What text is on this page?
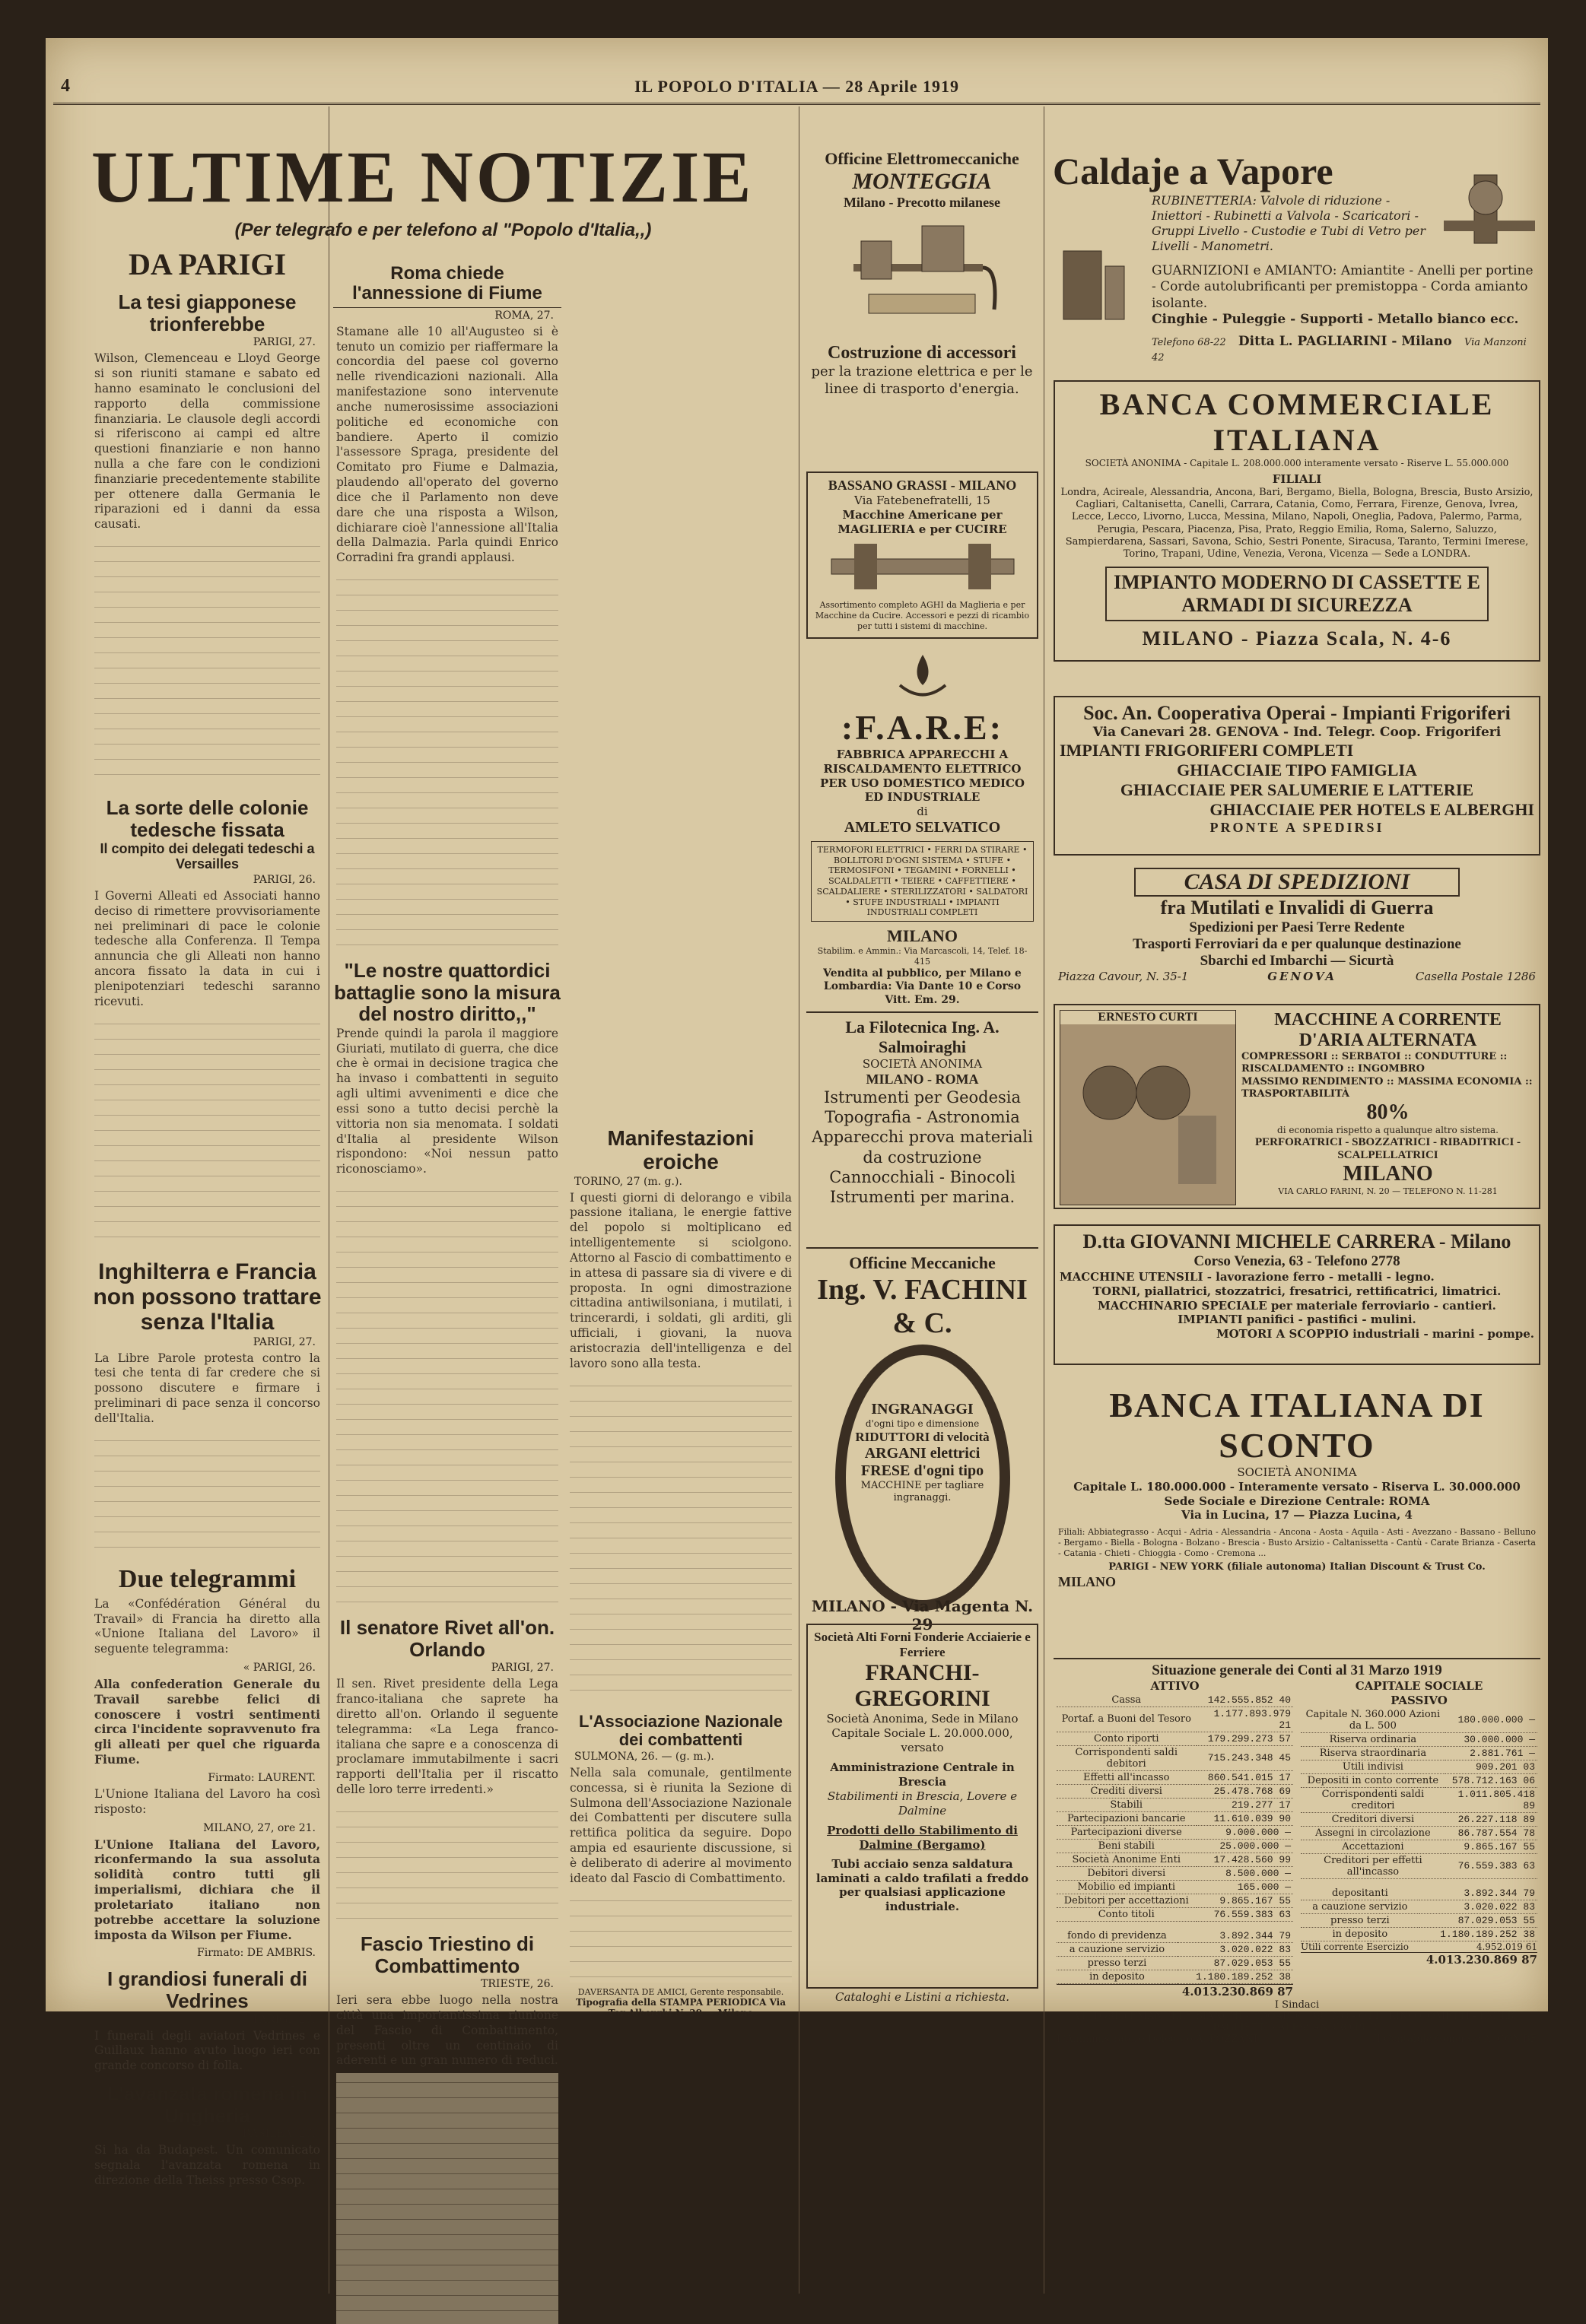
4	IL POPOLO D'ITALIA — 28 Aprile 1919
ULTIME NOTIZIE
(Per telegrafo e per telefono al "Popolo d'Italia,,)
DA PARIGI
La tesi giapponese trionferebbe
PARIGI, 27.

Wilson, Clemenceau e Lloyd George si son riuniti stamane e sabato ed hanno esaminato le conclusioni del rapporto della commissione finanziaria. Le clausole degli accordi si riferiscono ai campi ed altre questioni finanziarie e non hanno nulla a che fare con le condizioni finanziarie precedentemente stabilite per ottenere dalla Germania le riparazioni ed i danni da essa causati.

La sorte delle colonie tedesche fissata
Il compito dei delegati tedeschi a Versailles
PARIGI, 26.

I Governi Alleati ed Associati hanno deciso di rimettere provvisoriamente nei preliminari di pace le colonie tedesche alla Conferenza. Il Tempa annuncia che gli Alleati non hanno ancora fissato la data in cui i plenipotenziari tedeschi saranno ricevuti.

Inghilterra e Francia non possono trattare senza l'Italia
PARIGI, 27.

La Libre Parole protesta contro la tesi che tenta di far credere che si possono discutere e firmare i preliminari di pace senza il concorso dell'Italia.

Due telegrammi

La «Confédération Général du Travail» di Francia ha diretto alla «Unione Italiana del Lavoro» il seguente telegramma:

« PARIGI, 26.

Alla confederation Generale du Travail sarebbe felici di conoscere i vostri sentimenti circa l'incidente sopravvenuto fra gli alleati per quel che riguarda Fiume.

Firmato: LAURENT.

L'Unione Italiana del Lavoro ha così risposto:

MILANO, 27, ore 21.

L'Unione Italiana del Lavoro, riconfermando la sua assoluta solidità contro tutti gli imperialismi, dichiara che il proletariato italiano non potrebbe accettare la soluzione imposta da Wilson per Fiume.

Firmato: DE AMBRIS.
I grandiosi funerali di Vedrines
PARIGI, 27.

I funerali degli aviatori Vedrines e Guillaux hanno avuto luogo ieri con grande concorso di folla.

L'avanzata romena in Ungheria
BASILEA, 27.

Si ha da Budapest. Un comunicato segnala l'avanzata romena in direzione della Theiss presso Csop.

Roma chiede l'annessione di Fiume
ROMA, 27.

Stamane alle 10 all'Augusteo si è tenuto un comizio per riaffermare la concordia del paese col governo nelle rivendicazioni nazionali. Alla manifestazione sono intervenute anche numerosissime associazioni politiche ed economiche con bandiere. Aperto il comizio l'assessore Spraga, presidente del Comitato pro Fiume e Dalmazia, plaudendo all'operato del governo dice che il Parlamento non deve dare che una risposta a Wilson, dichiarare cioè l'annessione all'Italia della Dalmazia. Parla quindi Enrico Corradini fra grandi applausi.

"Le nostre quattordici battaglie sono la misura del nostro diritto,,"

Prende quindi la parola il maggiore Giuriati, mutilato di guerra, che dice che è ormai in decisione tragica che ha invaso i combattenti in seguito agli ultimi avvenimenti e dice che essi sono a tutto decisi perchè la vittoria non sia menomata. I soldati d'Italia al presidente Wilson rispondono: «Noi nessun patto riconosciamo».

Il senatore Rivet all'on. Orlando
PARIGI, 27.

Il sen. Rivet presidente della Lega franco-italiana che saprete ha diretto all'on. Orlando il seguente telegramma: «La Lega franco-italiana che sapre e a conoscenza di proclamare immutabilmente i sacri rapporti dell'Italia per il riscatto delle loro terre irredenti.»

Fascio Triestino di Combattimento
TRIESTE, 26.

Ieri sera ebbe luogo nella nostra città una importantissima riunione del Fascio di Combattimento, presenti oltre un centinaio di aderenti e un gran numero di reduci.

Manifestazioni eroiche
TORINO, 27 (m. g.).

I questi giorni di delorango e vibila passione italiana, le energie fattive del popolo si moltiplicano ed intelligentemente si sciolgono. Attorno al Fascio di combattimento e in attesa di passare sia di vivere e di proposta. In ogni dimostrazione cittadina antiwilsoniana, i mutilati, i trincerardi, i soldati, gli arditi, gli ufficiali, i giovani, la nuova aristocrazia dell'intelligenza e del lavoro sono alla testa.

L'Associazione Nazionale dei combattenti
SULMONA, 26. — (g. m.).

Nella sala comunale, gentilmente concessa, si è riunita la Sezione di Sulmona dell'Associazione Nazionale dei Combattenti per discutere sulla rettifica politica da seguire. Dopo ampia ed esauriente discussione, si è deliberato di aderire al movimento ideato dal Fascio di Combattimento.

DAVERSANTA DE AMICI, Gerente responsabile.
Tipografia della STAMPA PERIODICA Via Tor Alberghi N. 29 — Milano
Officine Elettromeccaniche
MONTEGGIA
Milano - Precotto milanese
Costruzione di accessori
per la trazione elettrica e per le linee di trasporto d'energia.
BASSANO GRASSI - MILANO
Via Fatebenefratelli, 15
Macchine Americane per MAGLIERIA e per CUCIRE
Assortimento completo AGHI da Maglieria e per Macchine da Cucire. Accessori e pezzi di ricambio per tutti i sistemi di macchine.
:F.A.R.E:
FABBRICA APPARECCHI A RISCALDAMENTO ELETTRICO PER USO DOMESTICO MEDICO ED INDUSTRIALE
di
AMLETO SELVATICO
TERMOFORI ELETTRICI • FERRI DA STIRARE • BOLLITORI D'OGNI SISTEMA • STUFE • TERMOSIFONI • TEGAMINI • FORNELLI • SCALDALETTI • TEIERE • CAFFETTIERE • SCALDALIERE • STERILIZZATORI • SALDATORI • STUFE INDUSTRIALI • IMPIANTI INDUSTRIALI COMPLETI
MILANO
Stabilim. e Ammin.: Via Marcascoli, 14, Telef. 18-415
Vendita al pubblico, per Milano e Lombardia: Via Dante 10 e Corso Vitt. Em. 29.
La Filotecnica Ing. A. Salmoiraghi
SOCIETÀ ANONIMA
MILANO - ROMA
Istrumenti per Geodesia
Topografia - Astronomia
Apparecchi prova materiali da costruzione
Cannocchiali - Binocoli
Istrumenti per marina.
Officine Meccaniche
Ing. V. FACHINI & C.
INGRANAGGI
d'ogni tipo e dimensione
RIDUTTORI di velocità
ARGANI elettrici
FRESE d'ogni tipo
MACCHINE per tagliare ingranaggi.
MILANO - Via Magenta N. 29
Società Alti Forni Fonderie Acciaierie e Ferriere
FRANCHI-GREGORINI
Società Anonima, Sede in Milano
Capitale Sociale L. 20.000.000, versato
Amministrazione Centrale in Brescia
Stabilimenti in Brescia, Lovere e Dalmine
Prodotti dello Stabilimento di Dalmine (Bergamo)
Tubi acciaio senza saldatura laminati a caldo trafilati a freddo per qualsiasi applicazione industriale.
Cataloghi e Listini a richiesta.
Caldaje a Vapore
RUBINETTERIA: Valvole di riduzione - Iniettori - Rubinetti a Valvola - Scaricatori - Gruppi Livello - Custodie e Tubi di Vetro per Livelli - Manometri.
GUARNIZIONI e AMIANTO: Amiantite - Anelli per portine - Corde autolubrificanti per premistoppa - Corda amianto isolante.
Cinghie - Puleggie - Supporti - Metallo bianco ecc.
Telefono 68-22 Ditta L. PAGLIARINI - Milano Via Manzoni 42
BANCA COMMERCIALE ITALIANA
SOCIETÀ ANONIMA - Capitale L. 208.000.000 interamente versato - Riserve L. 55.000.000
FILIALI
Londra, Acireale, Alessandria, Ancona, Bari, Bergamo, Biella, Bologna, Brescia, Busto Arsizio, Cagliari, Caltanisetta, Canelli, Carrara, Catania, Como, Ferrara, Firenze, Genova, Ivrea, Lecce, Lecco, Livorno, Lucca, Messina, Milano, Napoli, Oneglia, Padova, Palermo, Parma, Perugia, Pescara, Piacenza, Pisa, Prato, Reggio Emilia, Roma, Salerno, Saluzzo, Sampierdarena, Sassari, Savona, Schio, Sestri Ponente, Siracusa, Taranto, Termini Imerese, Torino, Trapani, Udine, Venezia, Verona, Vicenza — Sede a LONDRA.
IMPIANTO MODERNO DI CASSETTE E ARMADI DI SICUREZZA
MILANO - Piazza Scala, N. 4-6
Soc. An. Cooperativa Operai - Impianti Frigoriferi
Via Canevari 28. GENOVA - Ind. Telegr. Coop. Frigoriferi
IMPIANTI FRIGORIFERI COMPLETI
GHIACCIAIE TIPO FAMIGLIA
GHIACCIAIE PER SALUMERIE E LATTERIE
GHIACCIAIE PER HOTELS E ALBERGHI
PRONTE A SPEDIRSI
CASA DI SPEDIZIONI
fra Mutilati e Invalidi di Guerra
Spedizioni per Paesi Terre Redente
Trasporti Ferroviari da e per qualunque destinazione
Sbarchi ed Imbarchi — Sicurtà
Piazza Cavour, N. 35-1	GENOVA	Casella Postale 1286
ERNESTO CURTI	MACCHINE A CORRENTE D'ARIA ALTERNATA
COMPRESSORI :: SERBATOI :: CONDUTTURE :: RISCALDAMENTO :: INGOMBRO
MASSIMO RENDIMENTO :: MASSIMA ECONOMIA :: TRASPORTABILITÀ
80%
di economia rispetto a qualunque altro sistema.
PERFORATRICI - SBOZZATRICI - RIBADITRICI - SCALPELLATRICI
MILANO
VIA CARLO FARINI, N. 20 — TELEFONO N. 11-281
D.tta GIOVANNI MICHELE CARRERA - Milano
Corso Venezia, 63 - Telefono 2778
MACCHINE UTENSILI - lavorazione ferro - metalli - legno.
TORNI, piallatrici, stozzatrici, fresatrici, rettificatrici, limatrici.
MACCHINARIO SPECIALE per materiale ferroviario - cantieri.
IMPIANTI panifici - pastifici - mulini.
MOTORI A SCOPPIO industriali - marini - pompe.
BANCA ITALIANA DI SCONTO
SOCIETÀ ANONIMA
Capitale L. 180.000.000 - Interamente versato - Riserva L. 30.000.000
Sede Sociale e Direzione Centrale: ROMA
Via in Lucina, 17 — Piazza Lucina, 4
Filiali: Abbiategrasso - Acqui - Adria - Alessandria - Ancona - Aosta - Aquila - Asti - Avezzano - Bassano - Belluno - Bergamo - Biella - Bologna - Bolzano - Brescia - Busto Arsizio - Caltanissetta - Cantù - Carate Brianza - Caserta - Catania - Chieti - Chioggia - Como - Cremona ...
PARIGI - NEW YORK (filiale autonoma) Italian Discount & Trust Co.
MILANO
Situazione generale dei Conti al 31 Marzo 1919
ATTIVO
Cassa	142.555.852 40
Portaf. a Buoni del Tesoro	1.177.893.979 21
Conto riporti	179.299.273 57
Corrispondenti saldi debitori	715.243.348 45
Effetti all'incasso	860.541.015 17
Crediti diversi	25.478.768 69
Stabili	219.277 17
Partecipazioni bancarie	11.610.039 90
Partecipazioni diverse	9.000.000 —
Beni stabili	25.000.000 —
Società Anonime Enti	17.428.560 99
Debitori diversi	8.500.000 —
Mobilio ed impianti	165.000 —
Debitori per accettazioni	9.865.167 55
Conto titoli	76.559.383 63
fondo di previdenza	3.892.344 79
a cauzione servizio	3.020.022 83
presso terzi	87.029.053 55
in deposito	1.180.189.252 38
4.013.230.869 87
CAPITALE SOCIALE
PASSIVO
Capitale N. 360.000 Azioni da L. 500	180.000.000 —
Riserva ordinaria	30.000.000 —
Riserva straordinaria	2.881.761 —
Utili indivisi	909.201 03
Depositi in conto corrente	578.712.163 06
Corrispondenti saldi creditori	1.011.805.418 89
Creditori diversi	26.227.118 89
Assegni in circolazione	86.787.554 78
Accettazioni	9.865.167 55
Creditori per effetti all'incasso	76.559.383 63
depositanti	3.892.344 79
a cauzione servizio	3.020.022 83
presso terzi	87.029.053 55
in deposito	1.180.189.252 38
Utili corrente Esercizio	4.952.019 61
4.013.230.869 87
I Sindaci
VITTORIO EMANUELE BIANCHI - EDOARDO BRUNO - OTTORINO COMETTI - EMILIO PAGLIETTI - ALESSANDRO PURI
L'Amministratore Delegato A. POZZANI	Il Contabile Generale A. COMBE
